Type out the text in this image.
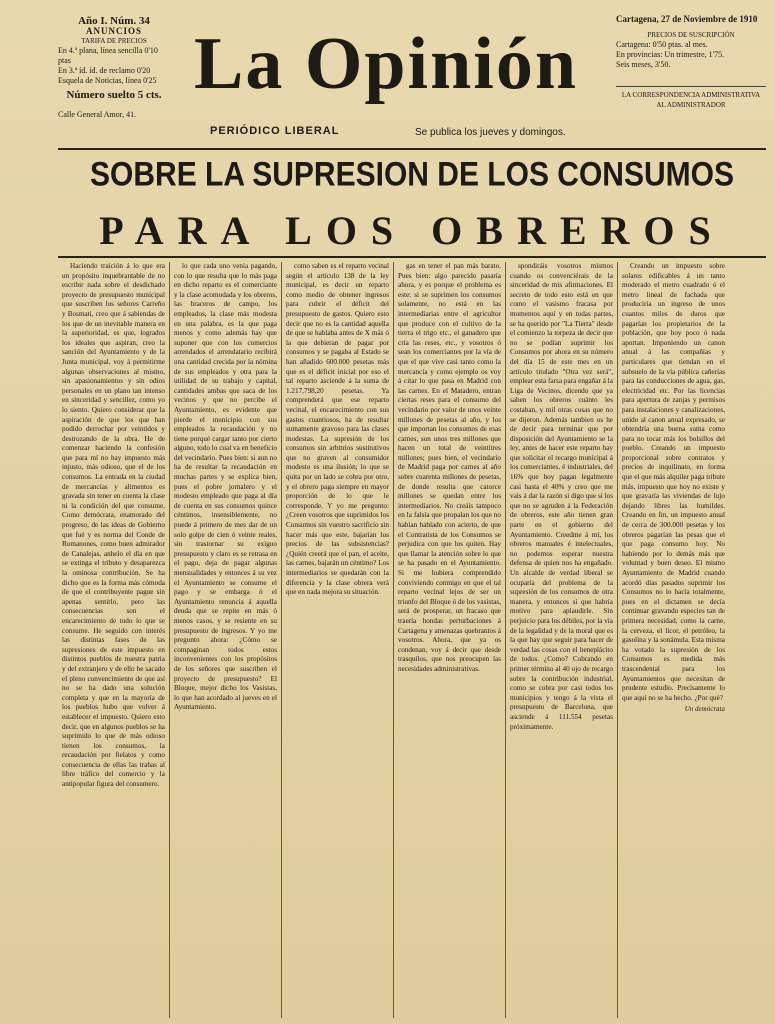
Año I. Núm. 34
ANUNCIOS
TARIFA DE PRECIOS
En 4.ª plana, línea sencilla 0'10 ptas
En 3.ª íd. íd. de reclamo 0'20
Esquela de Noticias, línea 0'25
Número suelto 5 cts.
Calle General Amor, 41.
La Opinión
PERIÓDICO LIBERAL	Se publica los jueves y domingos.
Cartagena, 27 de Noviembre de 1910
PRECIOS DE SUSCRIPCIÓN
Cartagena: 0'50 ptas. al mes.
En provincias: Un trimestre, 1'75.
Seis meses, 3'50.
LA CORRESPONDENCIA ADMINISTRATIVA
AL ADMINISTRADOR
SOBRE LA SUPRESION DE LOS CONSUMOS
PARA LOS OBREROS

Haciendo traición á lo que era un propósito inquebrantable de no escribir nada sobre el desdichado proyecto de presupuesto municipal que suscriben los señores Carreño y Bosmati, creo que á sabiendas de los que de un inevitable manera en la superioridad, es que, logrados los ideales que aspiran, creo la sanción del Ayuntamiento y de la Junta municipal, voy á permitirme algunas observaciones al mismo, sin apasionamientos y sin odios personales en un plano tan intenso en sinceridad y sencillez, como yo lo siento. Quiero considerar que la aspiración de que los que han podido derrochar por veintidos y destrozando de la obra. He de comenzar haciendo la confesión que para mí no hay impuesto más injusto, más odioso, que el de los consumos. La entrada en la ciudad de mercancías y alimentos es gravada sin tener en cuenta la clase ni la condición del que consume. Como demócrata, enamorado del progreso, de las ideas de Gobierno que fué y es norma del Conde de Romanones, como buen admirador de Canalejas, anhelo el día en que se extinga el tributo y desaparezca la ominosa contribución. Se ha dicho que es la forma más cómoda de que el contribuyente pague sin apenas sentirlo, pero las consecuencias son el encarecimiento de todo lo que se consume. He seguido con interés las distintas fases de las supresiones de este impuesto en distintos pueblos de nuestra patria y del extranjero y de ello he sacado el pleno convencimiento de que así no se ha dado una solución completa y que en la mayoría de los pueblos hubo que volver á establecer el impuesto. Quiero esto decir, que en algunos pueblos se ha suprimido lo que de más odioso tienen los consumos, la recaudación por fielatos y como consecuencia de ellas las trabas al libre tráfico del comercio y la antipopular figura del consumero.

lo que cada uno venía pagando, con lo que resulta que lo más paga en dicho reparto es el comerciante y la clase acomodada y los obreros, las braceros de campo, los empleados, la clase más modesta en una palabra, es la que paga menos y como además hay que suponer que con los comercios arrendados el arrendatario recibirá una cantidad crecida por la nómina de sus empleados y otra para la utilidad de su trabajo y capital, cantidades ambas que saca de los vecinos y que no percibe el Ayuntamiento, es evidente que pierde el municipio con sus empleados la recaudación y no tiene porqué cargar tanto por cierto alguno, todo lo cual va en beneficio del vecindario. Pues bien: si aun no ha de resultar la recaudación en muchas partes y se explica bien, pues el pobre jornalero y el modesto empleado que paga al día de cuenta en sus consumos quince céntimos, insensiblemente, no puede á primero de mes dar de un solo golpe de cien ó veinte reales, sin trastornar su exiguo presupuesto y claro es se retrasa en el pago, deja de pagar algunas mensualidades y entonces á su vez el Ayuntamiento se consume el pago y se embarga ó el Ayuntamiento renuncia á aquella deuda que se repite en más ó menos casos, y se resiente en su presupuesto de ingresos. Y yo me pregunto ahora: ¿Cómo se compaginan todos estos inconvenientes con los propósitos de los señores que suscriben el proyecto de presupuesto? El Bloque, mejor dicho los Vasistas, lo que han acordado al jueves en el Ayuntamiento.

como saben es el reparto vecinal según el artículo 138 de la ley municipal, es decir un reparto como medio de obtener ingresos para cubrir el déficit del presupuesto de gastos. Quiero esto decir que no es la cantidad aquella de que se hablaba antes de X más ó la que debieran de pagar por consumos y se pagaba al Estado se han añadido 600.000 pesetas más que es el déficit inicial por eso el tal reparto asciende á la suma de 1.217,798,20 pesetas. Ya comprenderá que ese reparto vecinal, el encarecimiento con sus gastos cuantiosos, ha de resultar sumamente gravoso para las clases modestas. La supresión de los consumos sin arbitrios sustitutivos que no graven al consumidor modesto es una ilusión; lo que se quita por un lado se cobra por otro, y el obrero paga siempre en mayor proporción de lo que le corresponde. Y yo me pregunto: ¿Creen vosotros que suprimidos los Consumos sin vuestro sacrificio sin hacer más que este, bajarían los precios de las subsistencias? ¿Quién creerá que el pan, el aceite, las carnes, bajarán un céntimo? Los intermediarios se quedarán con la diferencia y la clase obrera verá que en nada mejora su situación.

gas en tener el pan más barato. Pues bien: algo parecido pasaría ahora, y es porque el problema es este: si se suprimen los consumos solamente, no está en las intermediarias entre el agricultor que produce con el cultivo de la tierra el trigo etc., el ganadero que cría las reses, etc., y vosotros ó sean los comerciantes por la vía de que el que vive casi tanto como la mercancía y como ejemplo os voy á citar lo que pasa en Madrid con las carnes. En el Matadero, entran ciertas reses para el consumo del vecindario por valor de unos veinte millones de pesetas al año, y los que importan los consumos de esas carnes, son unos tres millones que hacen un total de veintitres millones; pues bien, el vecindario de Madrid paga por carnes al año sobre cuarenta millones de pesetas, de donde resulta que catorce millones se quedan entre los intermediarios. No creáis tampoco en la falsía que propalan los que no habían hablado con acierto, de que el Contratista de los Consumos se perjudica con que los quiten. Hay que llamar la atención sobre lo que se ha pasado en el Ayuntamiento. Si me hubiera comprendido conviviendo conmigo en que el tal reparto vecinal lejos de ser un triunfo del Bloque ó de los vasistas, será de prosperar, un fracaso que traería hondas perturbaciones á Cartagena y amenazas quebrantos á vosotros. Ahora, que ya os condenan, voy á decir que desde trasquilos, que nos preocupen las necesidades administrativas.

spondiráis vosotros mismos cuando os convenciérais de la sinceridad de mis afirmaciones. El secreto de todo esto está en que como el vasismo fracasa por momentos aquí y en todas partes, se ha querido por "La Tierra" desde el comienzo la torpeza de decir que no se podían suprimir los Consumos por ahora en su número del día 15 de este mes en un artículo titulado "Otra vez será", emplear esta farsa para engañar á la Liga de Vecinos, dicendo que ya saben los obreros cuánto les costaban, y mil otras cosas que no se dijeron. Además tambien os he de decir para terminar que por disposición del Ayuntamiento se la ley, antes de hacer este reparto hay que solicitar el recargo municipal á los comerciantes, é industriales, del 16% que hoy pagan legalmente casi hasta el 40% y creo que me vais á dar la razón si digo que si los que no se agruden á la Federación de obreros, este año tienen gran parte en el gobierno del Ayuntamiento. Creedme á mí, los obreros manuales é intelectuales, no podemos esperar nuestra defensa de quien nos ha engañado. Un alcalde de verdad liberal se ocuparía del problema de la supresión de los consumos de otra manera, y entonces sí que habría motivo para aplaudirle. Sin perjuicio para los débiles, por la vía de la legalidad y de la moral que es la que hay que seguir para hacer de verdad las cosas con el beneplácito de todos. ¿Como? Cobrando en primer término al 40 ojo de recargo sobre la contribución industrial, como se cobra por casi todos los municipios y tengo á la vista el presupuesto de Barcelona, que asciende á 111.554 pesetas próximamente.

Creando un impuesto sobre solares edificables á un tanto moderado el metro cuadrado ó el metro lineal de fachada que produciría un ingreso de unos cuantos miles de duros que pagarían los propietarios de la población, que hoy poco ó nada aportan. Imponiendo un canon anual á las compañías y particulares que tiendan en el subsuelo de la vía pública cañerías para las conducciones de agua, gas, electricidad etc. Por las licencias para apertura de zanjas y permisos para instalaciones y canalizaciones, unido al canon anual expresado, se obtendría una buena suma como para no tocar más los bolsillos del pueblo. Creando un impuesto proporcional sobre contratos y precios de inquilinato, en forma que el que más alquiler paga tribute más, impuesto que hoy no existe y que gravaría las viviendas de lujo dejando libres las humildes. Creando en fin, un impuesto anual de cerca de 300.000 pesetas y los obreros pagarían las pesas que el que paga consumo hoy. No habiendo por lo demás más que voluntad y buen deseo. El mismo Ayuntamiento de Madrid cuando acordó días pasados suprimir los Consumos no lo hacía totalmente, pues en el dictamen se decía continuar gravando especies tan de primera necesidad, como la carne, la cerveza, el licor, el petróleo, la gasolina y la sonámula. Esta misma ha votado la supresión de los Consumos es medida más trascendental para los Ayuntamientos que necesitan de prudente estudio. Precisamente lo que aquí no se ha hecho. ¿Por qué?

Un demócrata
